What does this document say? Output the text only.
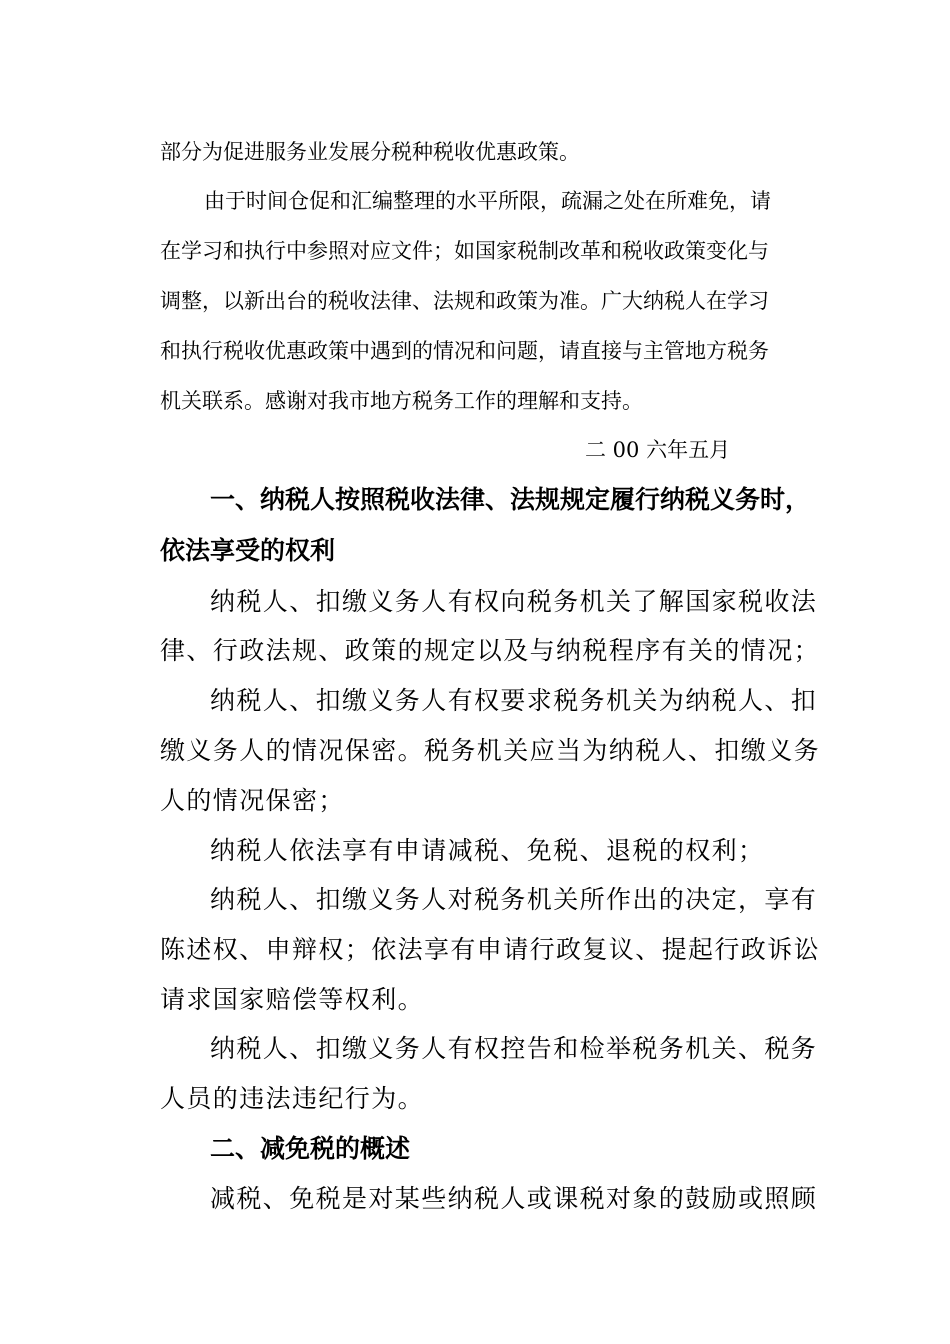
部分为促进服务业发展分税种税收优惠政策。
由于时间仓促和汇编整理的水平所限，疏漏之处在所难免，请
在学习和执行中参照对应文件；如国家税制改革和税收政策变化与
调整，以新出台的税收法律、法规和政策为准。广大纳税人在学习
和执行税收优惠政策中遇到的情况和问题，请直接与主管地方税务
机关联系。感谢对我市地方税务工作的理解和支持。
二 00 六年五月
一、纳税人按照税收法律、法规规定履行纳税义务时，
依法享受的权利
纳税人、扣缴义务人有权向税务机关了解国家税收法
律、行政法规、政策的规定以及与纳税程序有关的情况；
纳税人、扣缴义务人有权要求税务机关为纳税人、扣
缴义务人的情况保密。税务机关应当为纳税人、扣缴义务
人的情况保密；
纳税人依法享有申请减税、免税、退税的权利；
纳税人、扣缴义务人对税务机关所作出的决定，享有
陈述权、申辩权；依法享有申请行政复议、提起行政诉讼
请求国家赔偿等权利。
纳税人、扣缴义务人有权控告和检举税务机关、税务
人员的违法违纪行为。
二、减免税的概述
减税、免税是对某些纳税人或课税对象的鼓励或照顾
